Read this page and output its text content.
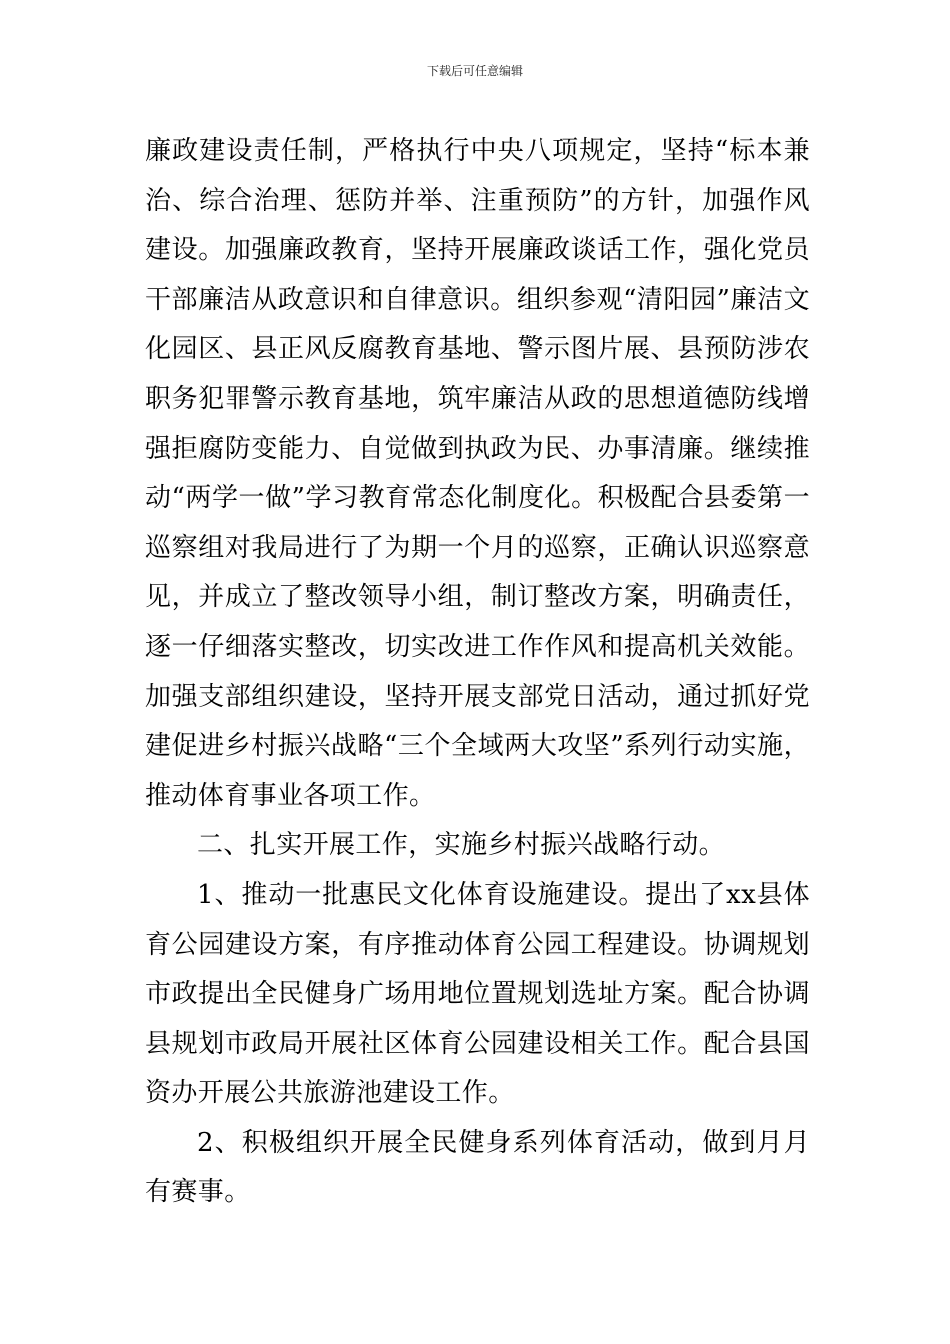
下载后可任意编辑

廉政建设责任制，严格执行中央八项规定，坚持“标本兼治、综合治理、惩防并举、注重预防”的方针，加强作风建设。加强廉政教育，坚持开展廉政谈话工作，强化党员干部廉洁从政意识和自律意识。组织参观“清阳园”廉洁文化园区、县正风反腐教育基地、警示图片展、县预防涉农职务犯罪警示教育基地，筑牢廉洁从政的思想道德防线增强拒腐防变能力、自觉做到执政为民、办事清廉。继续推动“两学一做”学习教育常态化制度化。积极配合县委第一巡察组对我局进行了为期一个月的巡察，正确认识巡察意见，并成立了整改领导小组，制订整改方案，明确责任，逐一仔细落实整改，切实改进工作作风和提高机关效能。加强支部组织建设，坚持开展支部党日活动，通过抓好党建促进乡村振兴战略“三个全域两大攻坚”系列行动实施，推动体育事业各项工作。

二、扎实开展工作，实施乡村振兴战略行动。

1、推动一批惠民文化体育设施建设。提出了xx县体育公园建设方案，有序推动体育公园工程建设。协调规划市政提出全民健身广场用地位置规划选址方案。配合协调县规划市政局开展社区体育公园建设相关工作。配合县国资办开展公共旅游池建设工作。

2、积极组织开展全民健身系列体育活动，做到月月有赛事。
